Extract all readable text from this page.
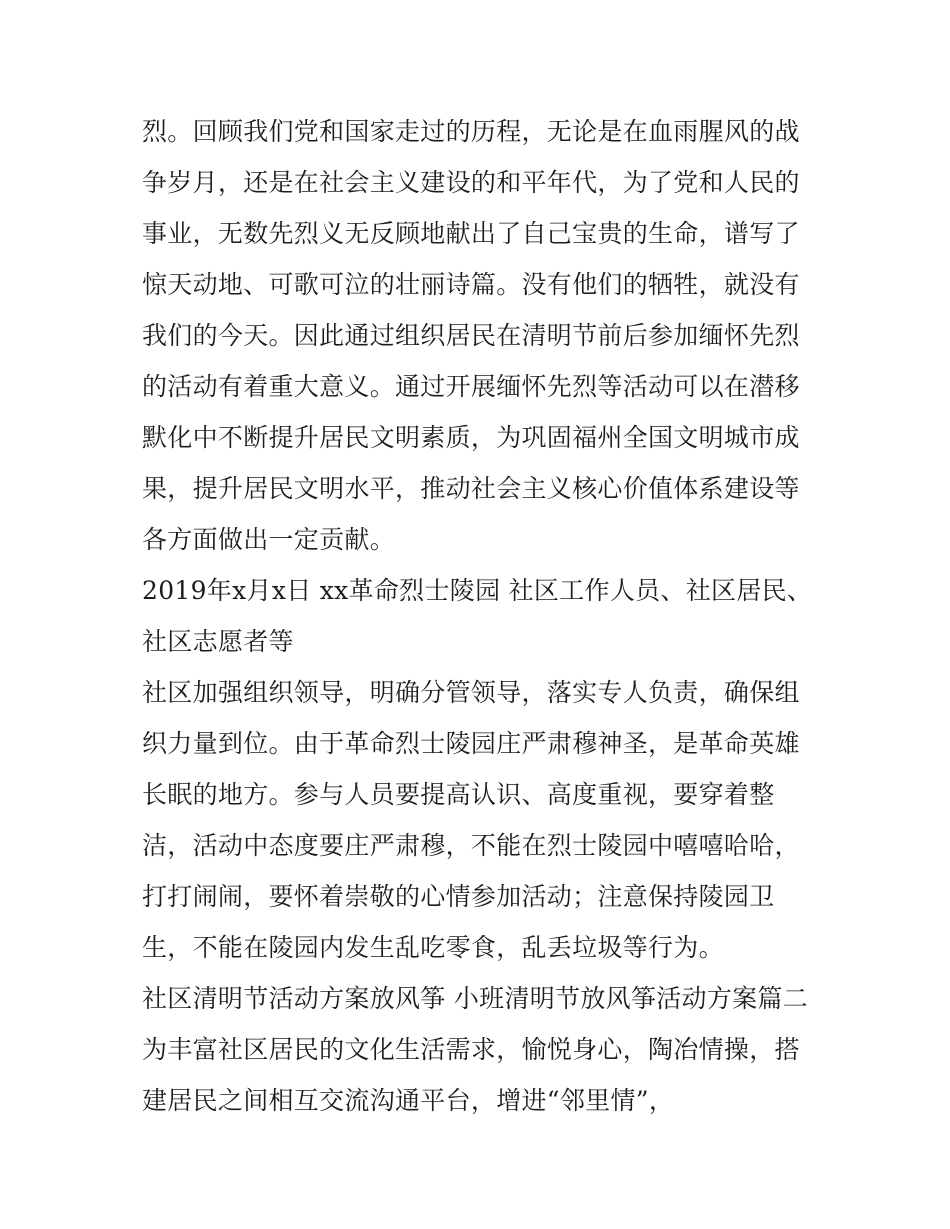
烈。回顾我们党和国家走过的历程，无论是在血雨腥风的战争岁月，还是在社会主义建设的和平年代，为了党和人民的事业，无数先烈义无反顾地献出了自己宝贵的生命，谱写了惊天动地、可歌可泣的壮丽诗篇。没有他们的牺牲，就没有我们的今天。因此通过组织居民在清明节前后参加缅怀先烈的活动有着重大意义。通过开展缅怀先烈等活动可以在潜移默化中不断提升居民文明素质，为巩固福州全国文明城市成果，提升居民文明水平，推动社会主义核心价值体系建设等各方面做出一定贡献。

2019年x月x日 xx革命烈士陵园 社区工作人员、社区居民、社区志愿者等

社区加强组织领导，明确分管领导，落实专人负责，确保组织力量到位。由于革命烈士陵园庄严肃穆神圣，是革命英雄长眠的地方。参与人员要提高认识、高度重视，要穿着整洁，活动中态度要庄严肃穆，不能在烈士陵园中嘻嘻哈哈，打打闹闹，要怀着崇敬的心情参加活动；注意保持陵园卫生，不能在陵园内发生乱吃零食，乱丢垃圾等行为。

社区清明节活动方案放风筝 小班清明节放风筝活动方案篇二

为丰富社区居民的文化生活需求，愉悦身心，陶冶情操，搭建居民之间相互交流沟通平台，增进“邻里情”，
